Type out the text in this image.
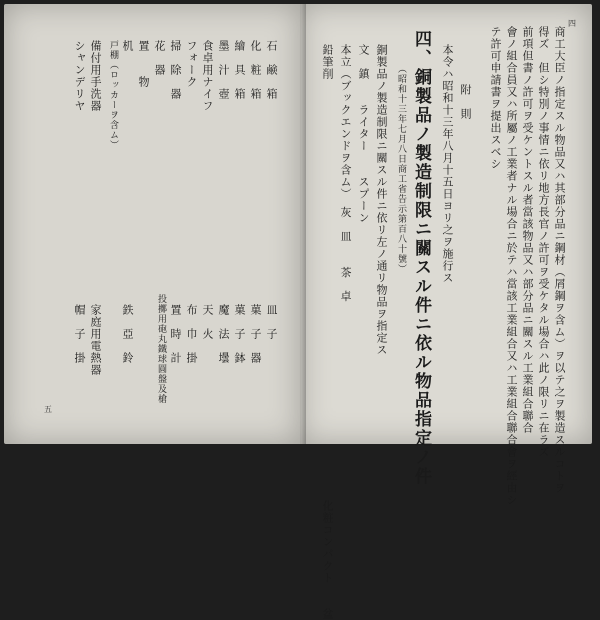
四
商工大臣ノ指定スル物品又ハ其部分品ニ鋼材（屑鋼ヲ含ム）ヲ以テ之ヲ製造スルコトヲ
得ズ　但シ特別ノ事情ニ依リ地方長官ノ許可ヲ受ケタル場合ハ此ノ限リニ在ラズ
前項但書ノ許可ヲ受ケントスル者當該物品又ハ部分品ニ關スル工業組合聯合
會ノ組合員又ハ所屬ノ工業者ナル場合ニ於テハ當該工業組合又ハ工業組合聯合會ヲ經由シ
テ許可申請書ヲ提出スベシ
附　則
本令ハ昭和十三年八月十五日ヨリ之ヲ施行ス
四、銅製品ノ製造制限ニ關スル件ニ依ル物品指定ノ件
（昭和十三年七月八日商工省告示第百八十號）
銅製品ノ製造制限ニ關スル件ニ依リ左ノ通リ物品ヲ指定ス
文　鎮　　ライター　　スプーン
本立（ブックエンドヲ含ム）　灰　皿　　茶　卓
鉛筆削　　　　　　　　　　　　　　　　　　　　　　　　　　　　　　　　　　　化粧コンパクト　　盆
石　鹸　箱
皿　子
化　粧　箱
菓　子　器
繪　具　箱
菓　子　鉢
墨　汁　壺
魔　法　壜
食卓用ナイフ
天　火
フォーク
布　巾　掛
掃　除　器
置　時　計
花　器
投擲用砲丸鐵球圓盤及槍
置　　物
机
鉄　亞　鈴
戸棚（ロッカーヲ含ム）
備付用手洗器
家庭用電熱器
シャンデリヤ
帽　子　掛
五
